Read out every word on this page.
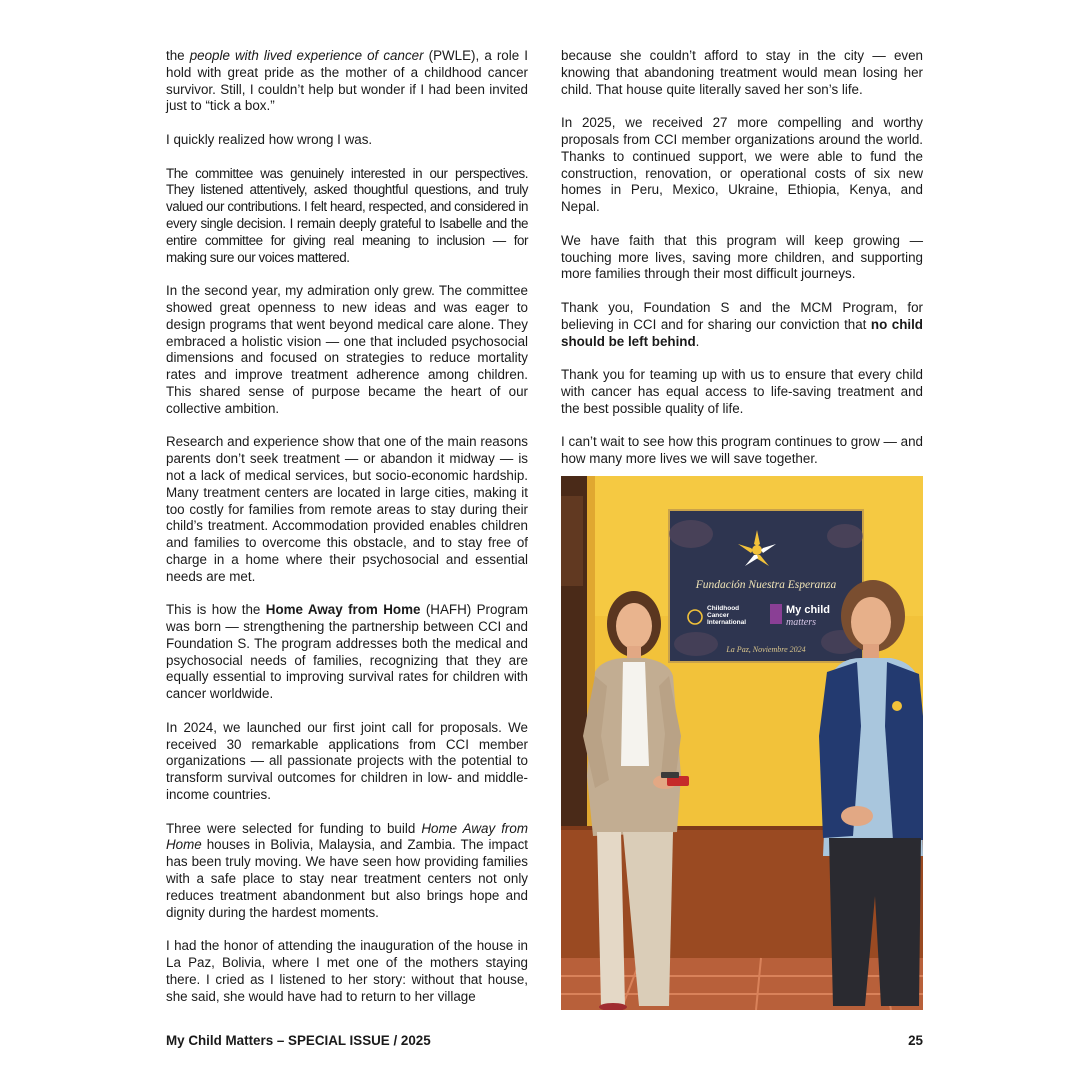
the people with lived experience of cancer (PWLE), a role I hold with great pride as the mother of a childhood cancer survivor. Still, I couldn’t help but wonder if I had been invited just to “tick a box.”

I quickly realized how wrong I was.

The committee was genuinely interested in our perspectives. They listened attentively, asked thoughtful questions, and truly valued our contributions. I felt heard, respected, and considered in every single decision. I remain deeply grateful to Isabelle and the entire committee for giving real meaning to inclusion — for making sure our voices mattered.

In the second year, my admiration only grew. The committee showed great openness to new ideas and was eager to design programs that went beyond medical care alone. They embraced a holistic vision — one that included psychosocial dimensions and focused on strategies to reduce mortality rates and improve treatment adherence among children. This shared sense of purpose became the heart of our collective ambition.

Research and experience show that one of the main reasons parents don’t seek treatment — or abandon it midway — is not a lack of medical services, but socio-economic hardship. Many treatment centers are located in large cities, making it too costly for families from remote areas to stay during their child’s treatment. Accommodation provided enables children and families to overcome this obstacle, and to stay free of charge in a home where their psychosocial and essential needs are met.

This is how the Home Away from Home (HAFH) Program was born — strengthening the partnership between CCI and Foundation S. The program addresses both the medical and psychosocial needs of families, recognizing that they are equally essential to improving survival rates for children with cancer worldwide.

In 2024, we launched our first joint call for proposals. We received 30 remarkable applications from CCI member organizations — all passionate projects with the potential to transform survival outcomes for children in low- and middle-income countries.

Three were selected for funding to build Home Away from Home houses in Bolivia, Malaysia, and Zambia. The impact has been truly moving. We have seen how providing families with a safe place to stay near treatment centers not only reduces treatment abandonment but also brings hope and dignity during the hardest moments.

I had the honor of attending the inauguration of the house in La Paz, Bolivia, where I met one of the mothers staying there. I cried as I listened to her story: without that house, she said, she would have had to return to her village

because she couldn’t afford to stay in the city — even knowing that abandoning treatment would mean losing her child. That house quite literally saved her son’s life.

In 2025, we received 27 more compelling and worthy proposals from CCI member organizations around the world. Thanks to continued support, we were able to fund the construction, renovation, or operational costs of six new homes in Peru, Mexico, Ukraine, Ethiopia, Kenya, and Nepal.

We have faith that this program will keep growing — touching more lives, saving more children, and supporting more families through their most difficult journeys.

Thank you, Foundation S and the MCM Program, for believing in CCI and for sharing our conviction that no child should be left behind.

Thank you for teaming up with us to ensure that every child with cancer has equal access to life-saving treatment and the best possible quality of life.

I can’t wait to see how this program continues to grow — and how many more lives we will save together.

Fundación Nuestra Esperanza
Childhood
Cancer
International
My child
matters
La Paz, Noviembre 2024
My Child Matters – SPECIAL ISSUE / 2025	25
